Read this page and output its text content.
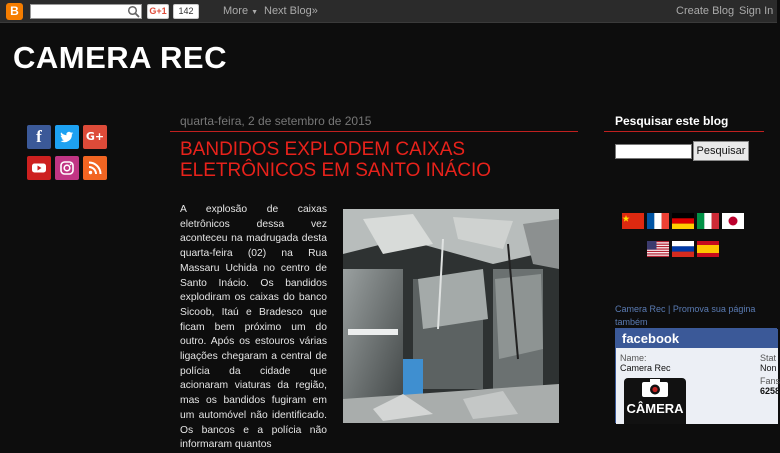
B	G+1	142	More ▼ Next Blog»	Create Blog Sign In
CAMERA REC
f	G+
quarta-feira, 2 de setembro de 2015
BANDIDOS EXPLODEM CAIXAS ELETRÔNICOS EM SANTO INÁCIO
A explosão de caixas eletrônicos dessa vez aconteceu na madrugada desta quarta-feira (02) na Rua Massaru Uchida no centro de Santo Inácio. Os bandidos explodiram os caixas do banco Sicoob, Itaú e Bradesco que ficam bem próximo um do outro. Após os estouros várias ligações chegaram a central de polícia da cidade que acionaram viaturas da região, mas os bandidos fugiram em um automóvel não identificado. Os bancos e a polícia não informaram quantos
Pesquisar este blog
Pesquisar
Camera Rec | Promova sua página também
facebook
Name:
Camera Rec
Stat
Non
Fans
6258
CÂMERA
